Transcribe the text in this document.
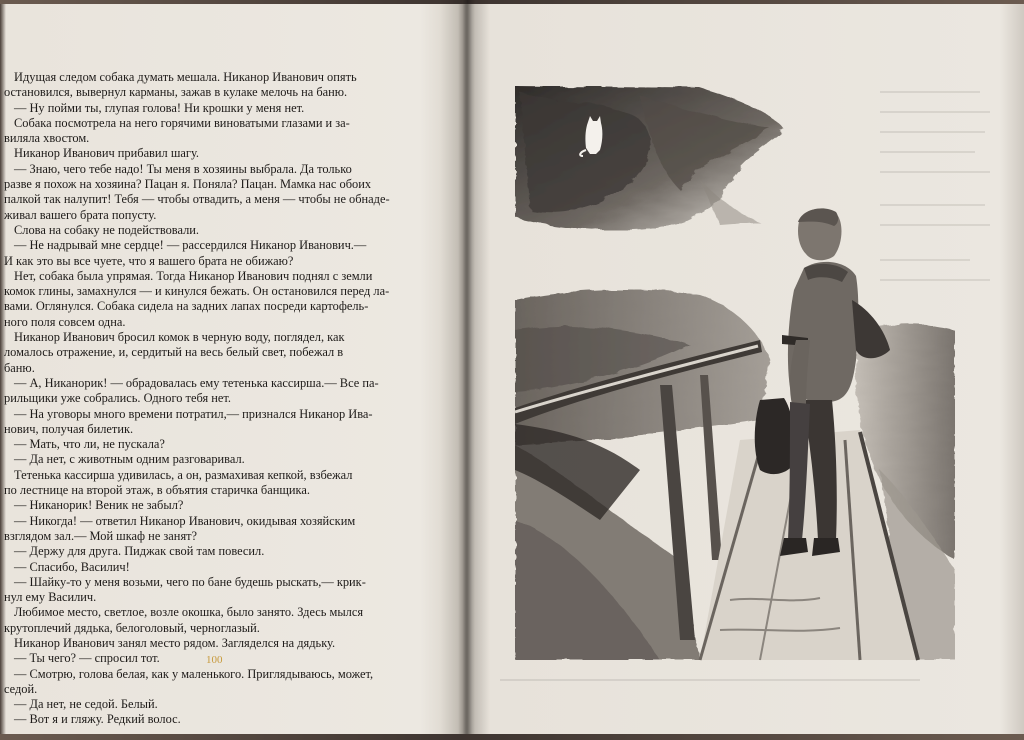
Идущая следом собака думать мешала. Никанор Иванович опять

остановился, вывернул карманы, зажав в кулаке мелочь на баню.

— Ну пойми ты, глупая голова! Ни крошки у меня нет.

Собака посмотрела на него горячими виноватыми глазами и за-

виляла хвостом.

Никанор Иванович прибавил шагу.

— Знаю, чего тебе надо! Ты меня в хозяины выбрала. Да только

разве я похож на хозяина? Пацан я. Поняла? Пацан. Мамка нас обоих

палкой так налупит! Тебя — чтобы отвадить, а меня — чтобы не обнаде-

живал вашего брата попусту.

Слова на собаку не подействовали.

— Не надрывай мне сердце! — рассердился Никанор Иванович.—

И как это вы все чуете, что я вашего брата не обижаю?

Нет, собака была упрямая. Тогда Никанор Иванович поднял с земли

комок глины, замахнулся — и кинулся бежать. Он остановился перед ла-

вами. Оглянулся. Собака сидела на задних лапах посреди картофель-

ного поля совсем одна.

Никанор Иванович бросил комок в черную воду, поглядел, как

ломалось отражение, и, сердитый на весь белый свет, побежал в

баню.

— А, Никанорик! — обрадовалась ему тетенька кассирша.— Все па-

рильщики уже собрались. Одного тебя нет.

— На уговоры много времени потратил,— признался Никанор Ива-

нович, получая билетик.

— Мать, что ли, не пускала?

— Да нет, с животным одним разговаривал.

Тетенька кассирша удивилась, а он, размахивая кепкой, взбежал

по лестнице на второй этаж, в объятия старичка банщика.

— Никанорик! Веник не забыл?

— Никогда! — ответил Никанор Иванович, окидывая хозяйским

взглядом зал.— Мой шкаф не занят?

— Держу для друга. Пиджак свой там повесил.

— Спасибо, Василич!

— Шайку-то у меня возьми, чего по бане будешь рыскать,— крик-

нул ему Василич.

Любимое место, светлое, возле окошка, было занято. Здесь мылся

крутоплечий дядька, белоголовый, черноглазый.

Никанор Иванович занял место рядом. Загляделся на дядьку.

— Ты чего? — спросил тот.

— Смотрю, голова белая, как у маленького. Приглядываюсь, может,

седой.

— Да нет, не седой. Белый.

— Вот я и гляжу. Редкий волос.

100
